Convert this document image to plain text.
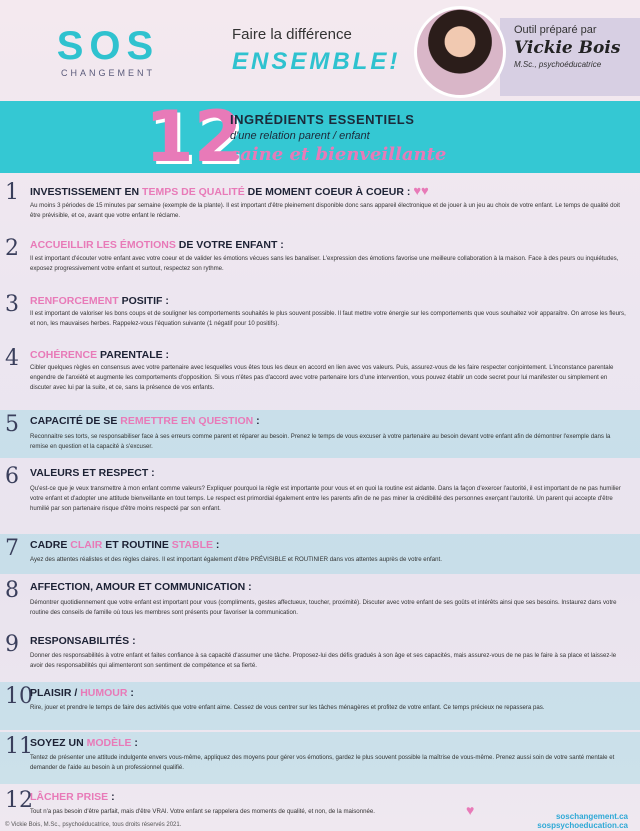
SOS
CHANGEMENT
Faire la différence
ENSEMBLE!
Outil préparé par
Vickie Bois
M.Sc., psychoéducatrice
12
INGRÉDIENTS ESSENTIELS
d'une relation parent / enfant
saine et bienveillante
1 INVESTISSEMENT EN TEMPS DE QUALITÉ DE MOMENT COEUR À COEUR : ♥♥
Au moins 3 périodes de 15 minutes par semaine (exemple de la plante). Il est important d'être pleinement disponible donc sans appareil électronique et de jouer à un jeu au choix de votre enfant. Le temps de qualité doit être prévisible, et ce, avant que votre enfant le réclame.
2 ACCUEILLIR LES ÉMOTIONS DE VOTRE ENFANT :
Il est important d'écouter votre enfant avec votre coeur et de valider les émotions vécues sans les banaliser. L'expression des émotions favorise une meilleure collaboration à la maison. Face à des peurs ou inquiétudes, exposez progressivement votre enfant et surtout, respectez son rythme.
3 RENFORCEMENT POSITIF :
Il est important de valoriser les bons coups et de souligner les comportements souhaités le plus souvent possible. Il faut mettre votre énergie sur les comportements que vous souhaitez voir apparaître. On arrose les fleurs, et non, les mauvaises herbes. Rappelez-vous l'équation suivante (1 négatif pour 10 positifs).
4 COHÉRENCE PARENTALE :
Cibler quelques règles en consensus avec votre partenaire avec lesquelles vous êtes tous les deux en accord en lien avec vos valeurs. Puis, assurez-vous de les faire respecter conjointement. L'inconstance parentale engendre de l'anxiété et augmente les comportements d'opposition. Si vous n'êtes pas d'accord avec votre partenaire lors d'une intervention, vous pouvez établir un code secret pour lui manifester ou simplement en discuter avec lui par la suite, et ce, sans la présence de vos enfants.
5 CAPACITÉ DE SE REMETTRE EN QUESTION :
Reconnaitre ses torts, se responsabiliser face à ses erreurs comme parent et réparer au besoin. Prenez le temps de vous excuser à votre partenaire au besoin devant votre enfant afin de démontrer l'exemple dans la remise en question et la capacité à s'excuser.
6 VALEURS ET RESPECT :
Qu'est-ce que je veux transmettre à mon enfant comme valeurs? Expliquer pourquoi la règle est importante pour vous et en quoi la routine est aidante. Dans la façon d'exercer l'autorité, il est important de ne pas humilier votre enfant et d'adopter une attitude bienveillante en tout temps. Le respect est primordial également entre les parents afin de ne pas miner la crédibilité des personnes exerçant l'autorité. Un parent qui accepte d'être humilié par son partenaire risque d'être moins respecté par son enfant.
7 CADRE CLAIR ET ROUTINE STABLE :
Ayez des attentes réalistes et des règles claires. Il est important également d'être PRÉVISIBLE et ROUTINIER dans vos attentes auprès de votre enfant.
8 AFFECTION, AMOUR ET COMMUNICATION :
Démontrer quotidiennement que votre enfant est important pour vous (compliments, gestes affectueux, toucher, proximité). Discuter avec votre enfant de ses goûts et intérêts ainsi que ses besoins. Instaurez dans votre routine des conseils de famille où tous les membres sont présents pour favoriser la communication.
9 RESPONSABILITÉS :
Donner des responsabilités à votre enfant et faites confiance à sa capacité d'assumer une tâche. Proposez-lui des défis gradués à son âge et ses capacités, mais assurez-vous de ne pas le faire à sa place et laissez-le avoir des responsabilités qui alimenteront son sentiment de compétence et sa fierté.
10
PLAISIR / HUMOUR :
Rire, jouer et prendre le temps de faire des activités que votre enfant aime. Cessez de vous centrer sur les tâches ménagères et profitez de votre enfant. Ce temps précieux ne repassera pas.
11
SOYEZ UN MODÈLE :
Tentez de présenter une attitude indulgente envers vous-même, appliquez des moyens pour gérer vos émotions, gardez le plus souvent possible la maîtrise de vous-même. Prenez aussi soin de votre santé mentale et demander de l'aide au besoin à un professionnel qualifié.
12
LÂCHER PRISE :
Tout n'a pas besoin d'être parfait, mais d'être VRAI. Votre enfant se rappelera des moments de qualité, et non, de la maisonnée.	♥
© Vickie Bois, M.Sc., psychoéducatrice, tous droits réservés 2021.
soschangement.ca
sospsychoeducation.ca
